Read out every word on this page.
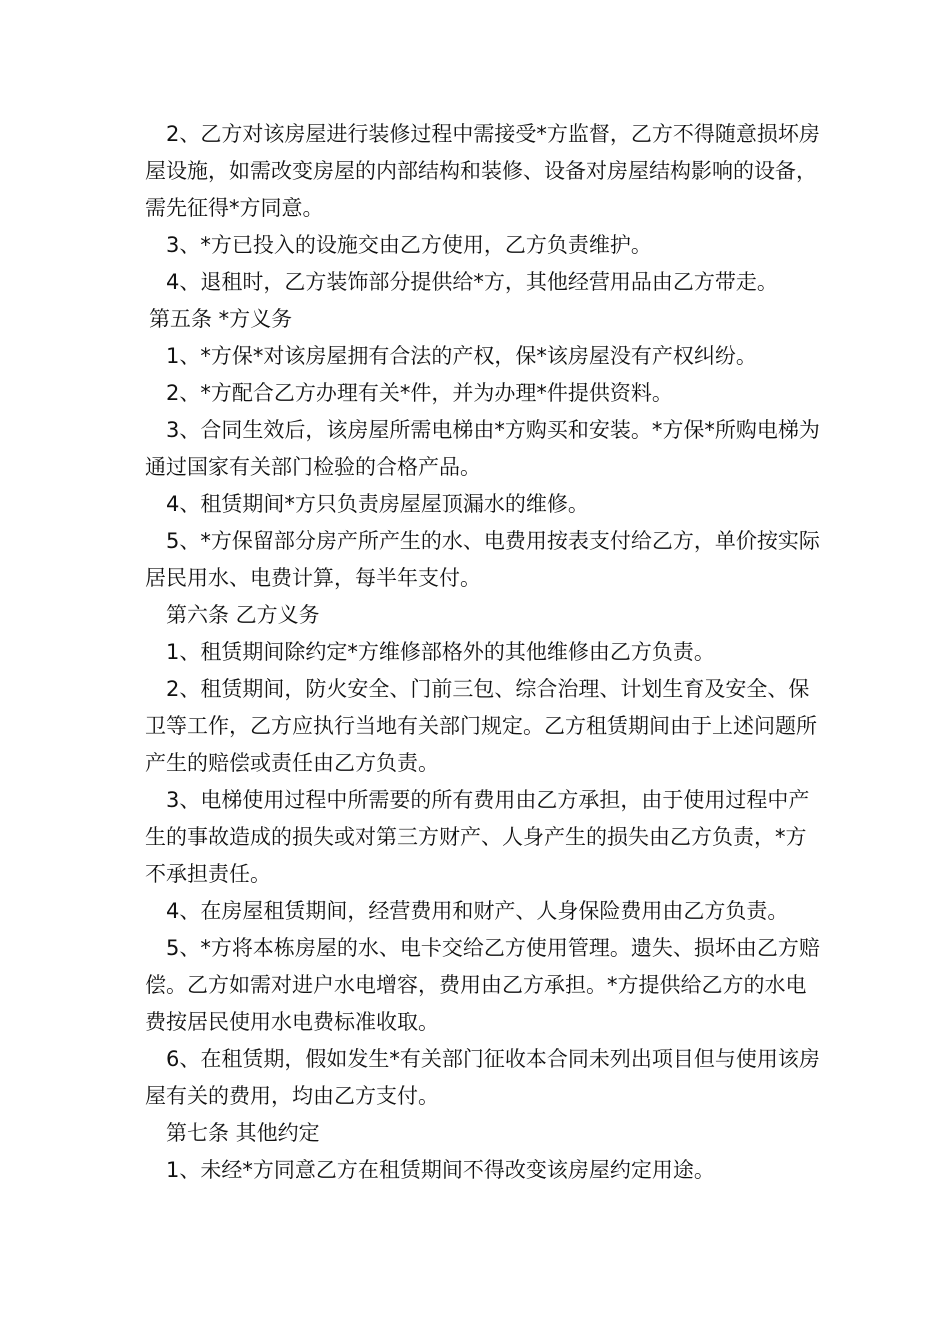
2、乙方对该房屋进行装修过程中需接受*方监督，乙方不得随意损坏房屋设施，如需改变房屋的内部结构和装修、设备对房屋结构影响的设备，需先征得*方同意。

3、*方已投入的设施交由乙方使用，乙方负责维护。

4、退租时，乙方装饰部分提供给*方，其他经营用品由乙方带走。

第五条 *方义务

1、*方保*对该房屋拥有合法的产权，保*该房屋没有产权纠纷。

2、*方配合乙方办理有关*件，并为办理*件提供资料。

3、合同生效后，该房屋所需电梯由*方购买和安装。*方保*所购电梯为通过国家有关部门检验的合格产品。

4、租赁期间*方只负责房屋屋顶漏水的维修。

5、*方保留部分房产所产生的水、电费用按表支付给乙方，单价按实际居民用水、电费计算，每半年支付。

第六条 乙方义务

1、租赁期间除约定*方维修部格外的其他维修由乙方负责。

2、租赁期间，防火安全、门前三包、综合治理、计划生育及安全、保卫等工作，乙方应执行当地有关部门规定。乙方租赁期间由于上述问题所产生的赔偿或责任由乙方负责。

3、电梯使用过程中所需要的所有费用由乙方承担，由于使用过程中产生的事故造成的损失或对第三方财产、人身产生的损失由乙方负责，*方不承担责任。

4、在房屋租赁期间，经营费用和财产、人身保险费用由乙方负责。

5、*方将本栋房屋的水、电卡交给乙方使用管理。遗失、损坏由乙方赔偿。乙方如需对进户水电增容，费用由乙方承担。*方提供给乙方的水电费按居民使用水电费标准收取。

6、在租赁期，假如发生*有关部门征收本合同未列出项目但与使用该房屋有关的费用，均由乙方支付。

第七条 其他约定

1、未经*方同意乙方在租赁期间不得改变该房屋约定用途。
